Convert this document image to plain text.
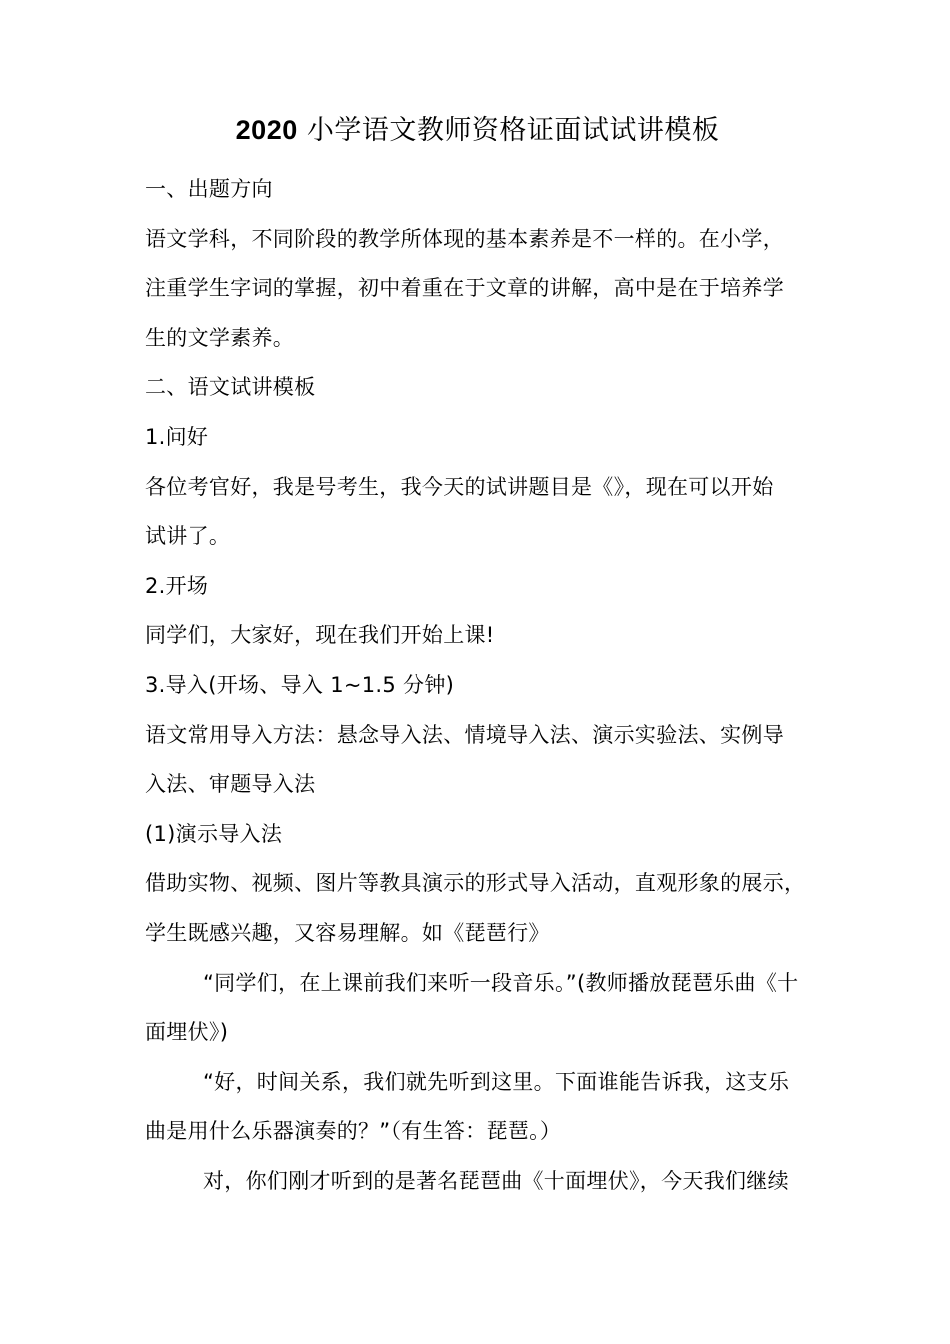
2020 小学语文教师资格证面试试讲模板

一、出题方向

语文学科，不同阶段的教学所体现的基本素养是不一样的。在小学，

注重学生字词的掌握，初中着重在于文章的讲解，高中是在于培养学

生的文学素养。

二、语文试讲模板

1.问好

各位考官好，我是号考生，我今天的试讲题目是《》，现在可以开始

试讲了。

2.开场

同学们，大家好，现在我们开始上课!

3.导入(开场、导入 1~1.5 分钟)

语文常用导入方法：悬念导入法、情境导入法、演示实验法、实例导

入法、审题导入法

(1)演示导入法

借助实物、视频、图片等教具演示的形式导入活动，直观形象的展示，

学生既感兴趣，又容易理解。如《琵琶行》

“同学们，在上课前我们来听一段音乐。”(教师播放琵琶乐曲《十

面埋伏》)

“好，时间关系，我们就先听到这里。下面谁能告诉我，这支乐

曲是用什么乐器演奏的？”（有生答：琵琶。）

对，你们刚才听到的是著名琵琶曲《十面埋伏》，今天我们继续
